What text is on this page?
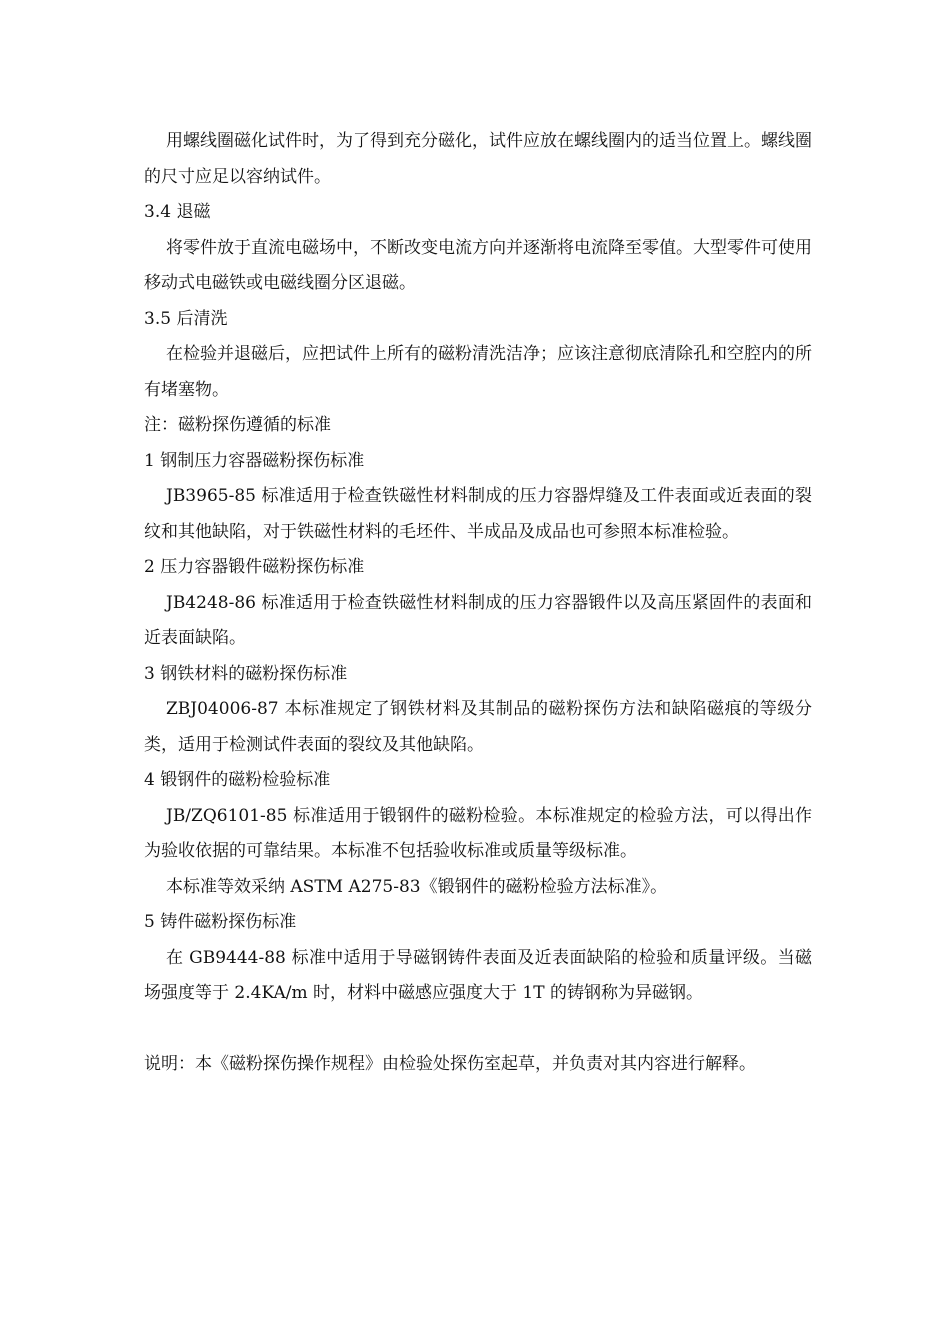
用螺线圈磁化试件时，为了得到充分磁化，试件应放在螺线圈内的适当位置上。螺线圈的尺寸应足以容纳试件。

3.4 退磁

将零件放于直流电磁场中，不断改变电流方向并逐渐将电流降至零值。大型零件可使用移动式电磁铁或电磁线圈分区退磁。

3.5 后清洗

在检验并退磁后，应把试件上所有的磁粉清洗洁净；应该注意彻底清除孔和空腔内的所有堵塞物。

注：磁粉探伤遵循的标准

1 钢制压力容器磁粉探伤标准

JB3965-85 标准适用于检查铁磁性材料制成的压力容器焊缝及工件表面或近表面的裂纹和其他缺陷，对于铁磁性材料的毛坯件、半成品及成品也可参照本标准检验。

2 压力容器锻件磁粉探伤标准

JB4248-86 标准适用于检查铁磁性材料制成的压力容器锻件以及高压紧固件的表面和近表面缺陷。

3 钢铁材料的磁粉探伤标准

ZBJ04006-87 本标准规定了钢铁材料及其制品的磁粉探伤方法和缺陷磁痕的等级分类，适用于检测试件表面的裂纹及其他缺陷。

4 锻钢件的磁粉检验标准

JB/ZQ6101-85 标准适用于锻钢件的磁粉检验。本标准规定的检验方法，可以得出作为验收依据的可靠结果。本标准不包括验收标准或质量等级标准。

本标准等效采纳 ASTM A275-83《锻钢件的磁粉检验方法标准》。

5 铸件磁粉探伤标准

在 GB9444-88 标准中适用于导磁钢铸件表面及近表面缺陷的检验和质量评级。当磁场强度等于 2.4KA/m 时，材料中磁感应强度大于 1T 的铸钢称为异磁钢。

说明：本《磁粉探伤操作规程》由检验处探伤室起草，并负责对其内容进行解释。
